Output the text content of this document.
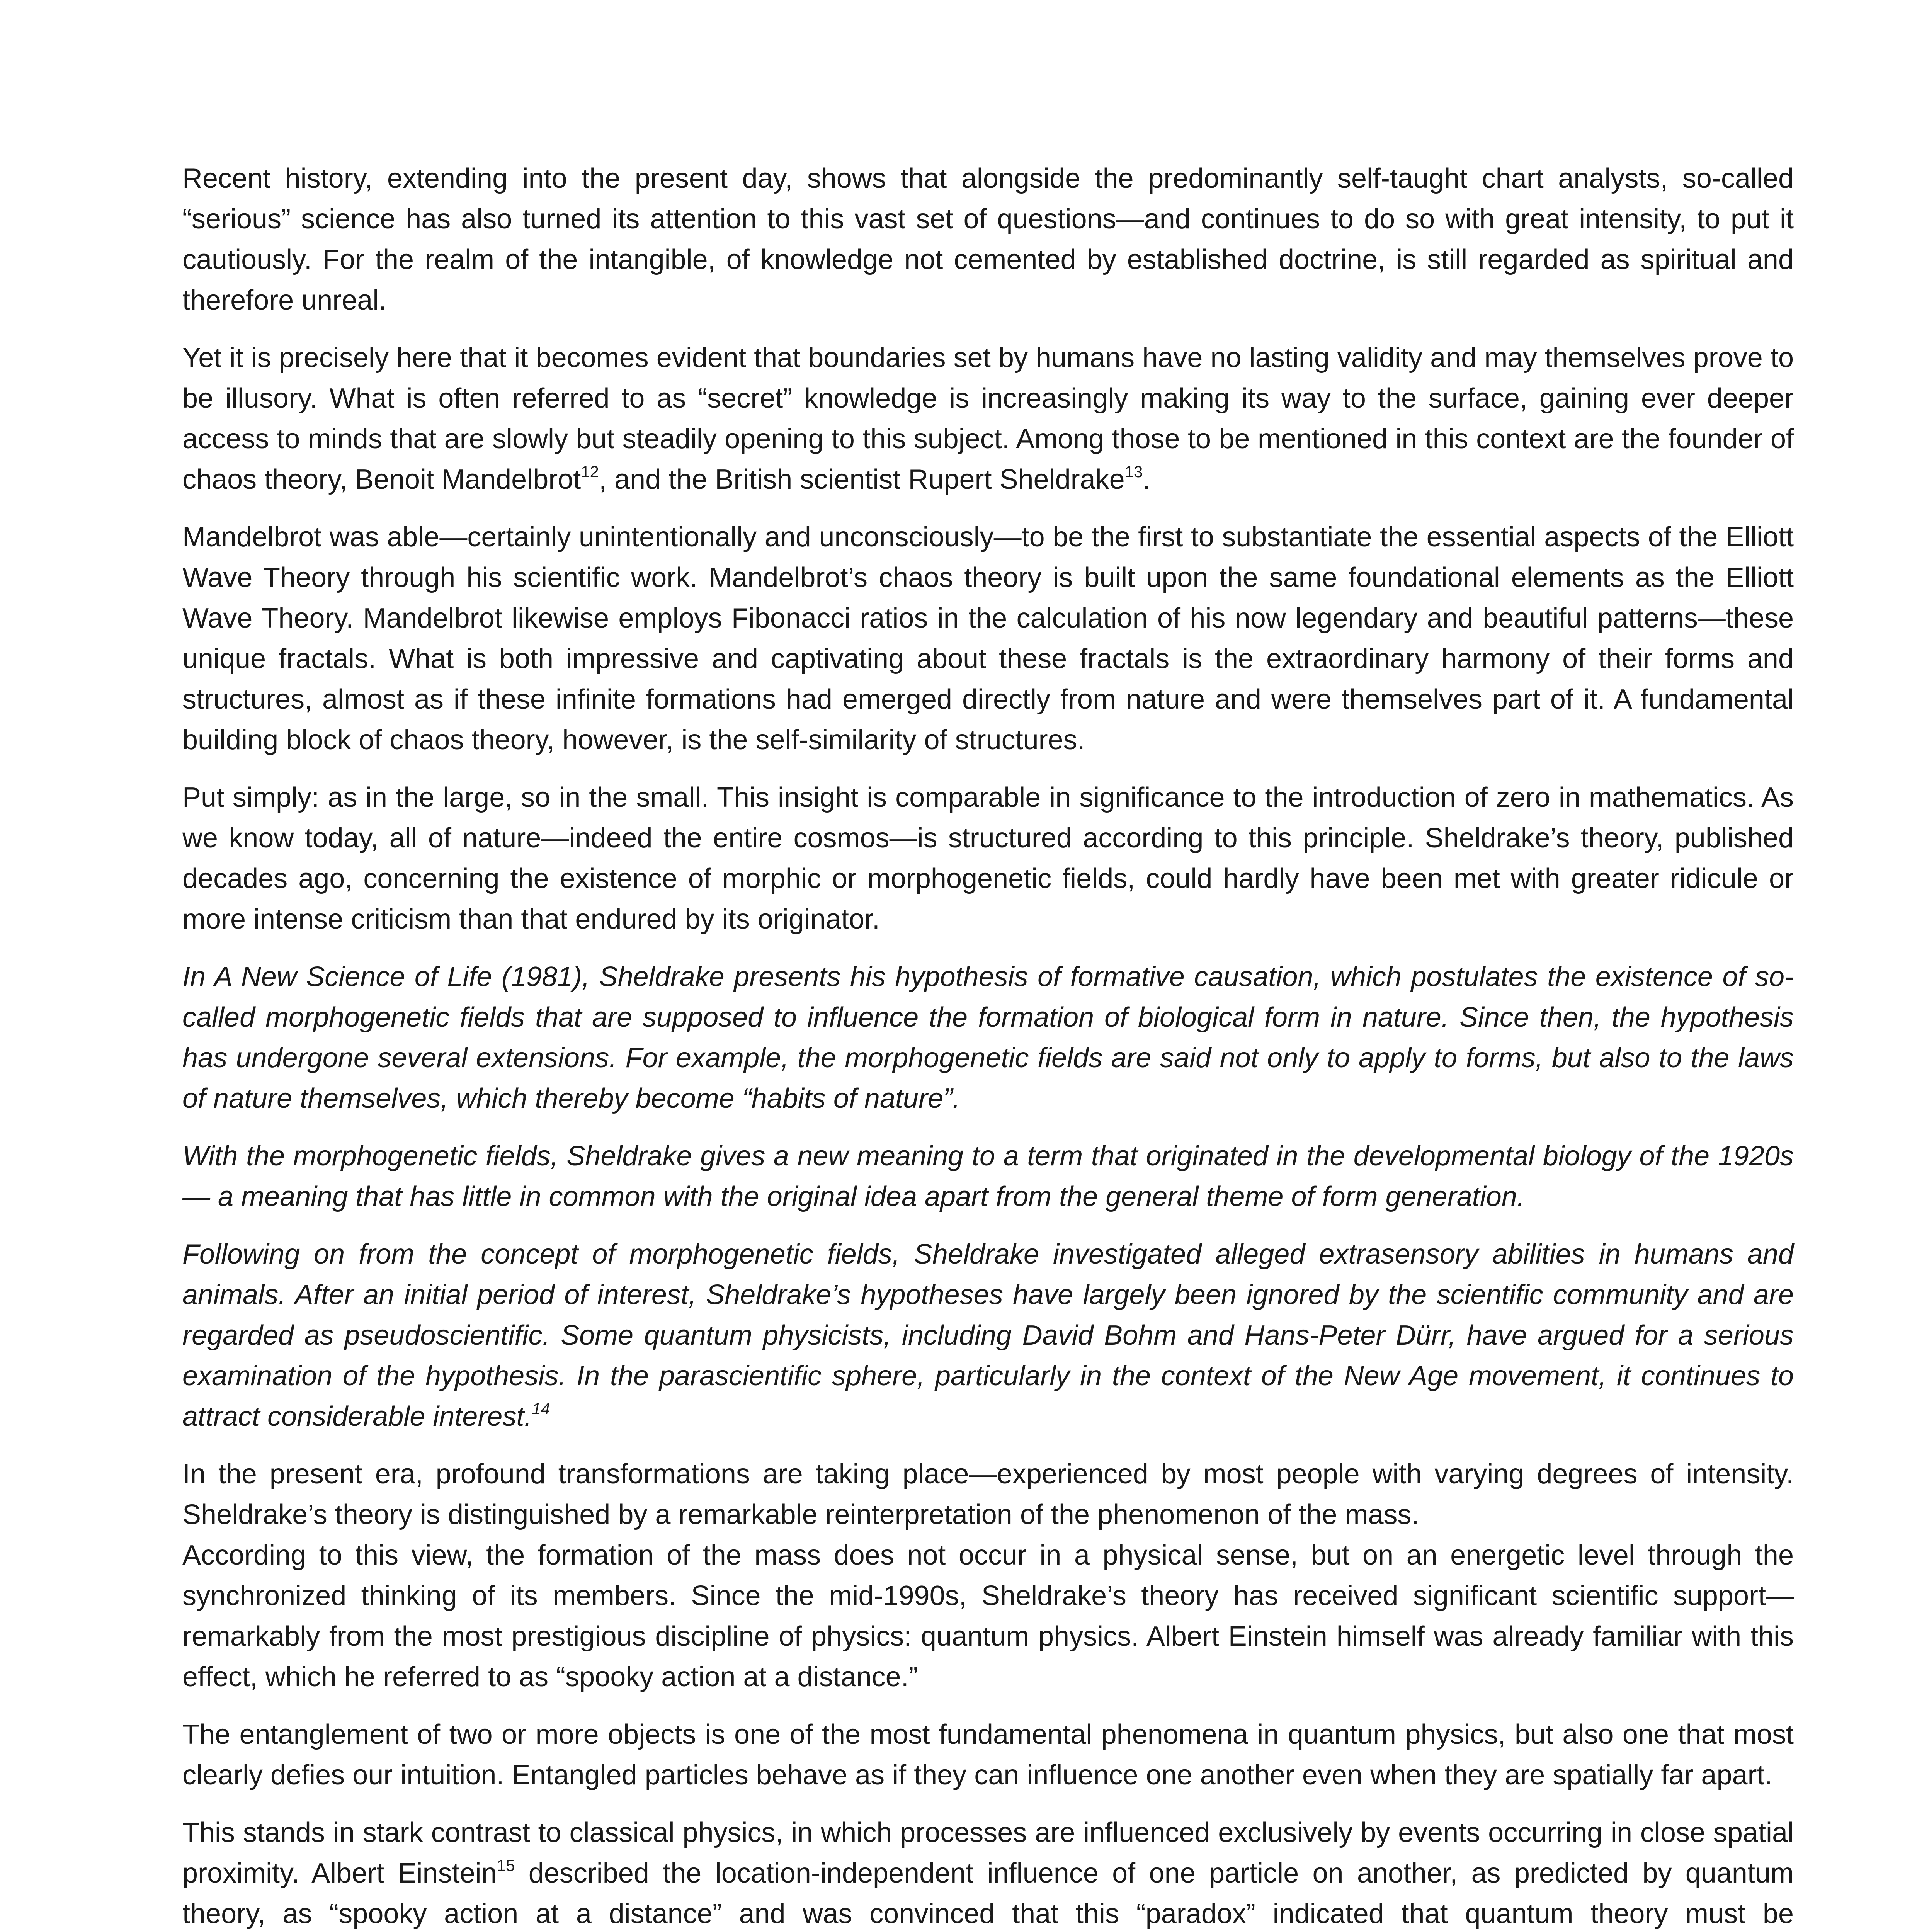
Recent history, extending into the present day, shows that alongside the predominantly self-taught chart analysts, so-called “serious” science has also turned its attention to this vast set of questions—and continues to do so with great intensity, to put it cautiously. For the realm of the intangible, of knowledge not cemented by established doctrine, is still regarded as spiritual and therefore unreal.

Yet it is precisely here that it becomes evident that boundaries set by humans have no lasting validity and may themselves prove to be illusory. What is often referred to as “secret” knowledge is increasingly making its way to the surface, gaining ever deeper access to minds that are slowly but steadily opening to this subject. Among those to be mentioned in this context are the founder of chaos theory, Benoit Mandelbrot$^{12}$, and the British scientist Rupert Sheldrake$^{13}$.

Mandelbrot was able—certainly unintentionally and unconsciously—to be the first to substantiate the essential aspects of the Elliott Wave Theory through his scientific work. Mandelbrot’s chaos theory is built upon the same foundational elements as the Elliott Wave Theory. Mandelbrot likewise employs Fibonacci ratios in the calculation of his now legendary and beautiful patterns—these unique fractals. What is both impressive and captivating about these fractals is the extraordinary harmony of their forms and structures, almost as if these infinite formations had emerged directly from nature and were themselves part of it. A fundamental building block of chaos theory, however, is the self-similarity of structures.

Put simply: as in the large, so in the small. This insight is comparable in significance to the introduction of zero in mathematics. As we know today, all of nature—indeed the entire cosmos—is structured according to this principle. Sheldrake’s theory, published decades ago, concerning the existence of morphic or morphogenetic fields, could hardly have been met with greater ridicule or more intense criticism than that endured by its originator.

In A New Science of Life (1981), Sheldrake presents his hypothesis of formative causation, which postulates the existence of so-called morphogenetic fields that are supposed to influence the formation of biological form in nature. Since then, the hypothesis has undergone several extensions. For example, the morphogenetic fields are said not only to apply to forms, but also to the laws of nature themselves, which thereby become “habits of nature”.

With the morphogenetic fields, Sheldrake gives a new meaning to a term that originated in the developmental biology of the 1920s — a meaning that has little in common with the original idea apart from the general theme of form generation.

Following on from the concept of morphogenetic fields, Sheldrake investigated alleged extrasensory abilities in humans and animals. After an initial period of interest, Sheldrake’s hypotheses have largely been ignored by the scientific community and are regarded as pseudoscientific. Some quantum physicists, including David Bohm and Hans-Peter Dürr, have argued for a serious examination of the hypothesis. In the parascientific sphere, particularly in the context of the New Age movement, it continues to attract considerable interest.$^{14}$

In the present era, profound transformations are taking place—experienced by most people with varying degrees of intensity. Sheldrake’s theory is distinguished by a remarkable reinterpretation of the phenomenon of the mass.

According to this view, the formation of the mass does not occur in a physical sense, but on an energetic level through the synchronized thinking of its members. Since the mid-1990s, Sheldrake’s theory has received significant scientific support—remarkably from the most prestigious discipline of physics: quantum physics. Albert Einstein himself was already familiar with this effect, which he referred to as “spooky action at a distance.”

The entanglement of two or more objects is one of the most fundamental phenomena in quantum physics, but also one that most clearly defies our intuition. Entangled particles behave as if they can influence one another even when they are spatially far apart.

This stands in stark contrast to classical physics, in which processes are influenced exclusively by events occurring in close spatial proximity. Albert Einstein$^{15}$ described the location-independent influence of one particle on another, as predicted by quantum theory, as “spooky action at a distance” and was convinced that this “paradox” indicated that quantum theory must be
